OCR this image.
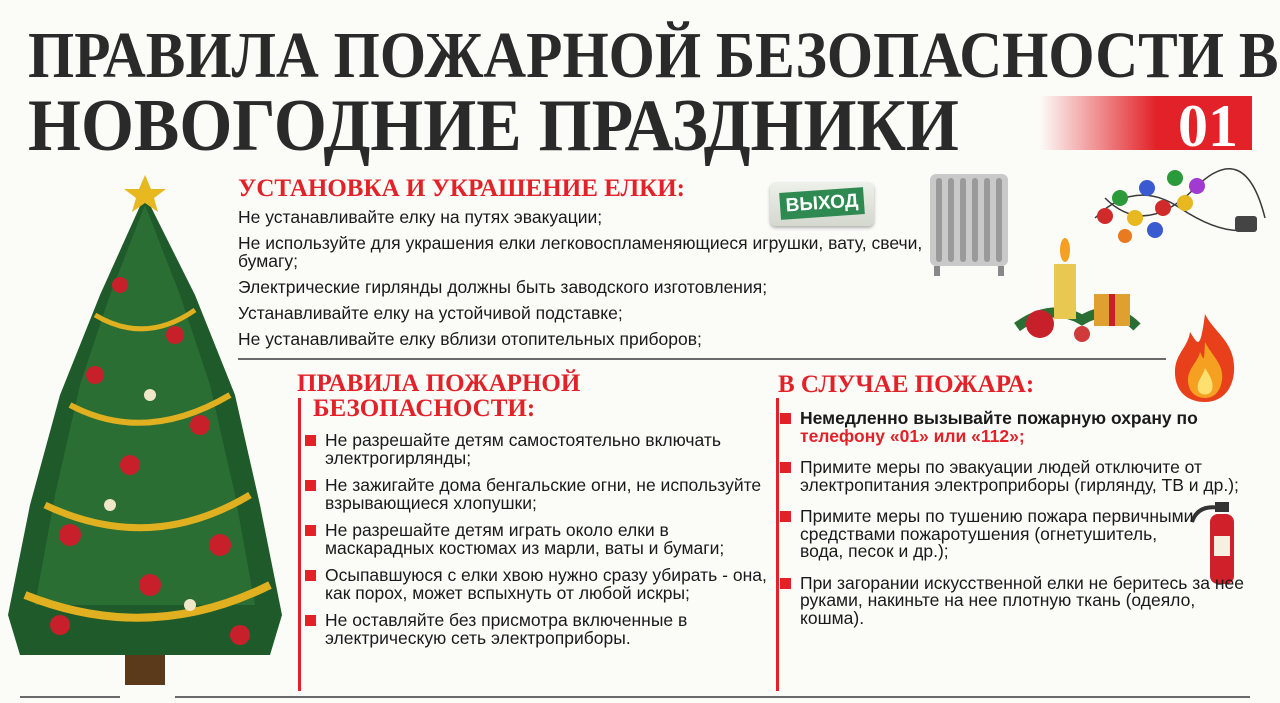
ПРАВИЛА ПОЖАРНОЙ БЕЗОПАСНОСТИ В
НОВОГОДНИЕ ПРАЗДНИКИ	01
ВЫХОД
УСТАНОВКА И УКРАШЕНИЕ ЕЛКИ:
Не устанавливайте елку на путях эвакуации;
Не используйте для украшения елки легковоспламеняющиеся игрушки, вату, свечи, бумагу;
Электрические гирлянды должны быть заводского изготовления;
Устанавливайте елку на устойчивой подставке;
Не устанавливайте елку вблизи отопительных приборов;
ПРАВИЛА ПОЖАРНОЙ
БЕЗОПАСНОСТИ:
Не разрешайте детям самостоятельно включать электрогирлянды;
Не зажигайте дома бенгальские огни, не используйте взрывающиеся хлопушки;
Не разрешайте детям играть около елки в маскарадных костюмах из марли, ваты и бумаги;
Осыпавшуюся с елки хвою нужно сразу убирать - она, как порох, может вспыхнуть от любой искры;
Не оставляйте без присмотра включенные в электрическую сеть электроприборы.
В СЛУЧАЕ ПОЖАРА:
Немедленно вызывайте пожарную охрану по телефону «01» или «112»;
Примите меры по эвакуации людей отключите от электропитания электроприборы (гирлянду, ТВ и др.);
Примите меры по тушению пожара первичными средствами пожаротушения (огнетушитель, вода, песок и др.);
При загорании искусственной елки не беритесь за нее руками, накиньте на нее плотную ткань (одеяло, кошма).
